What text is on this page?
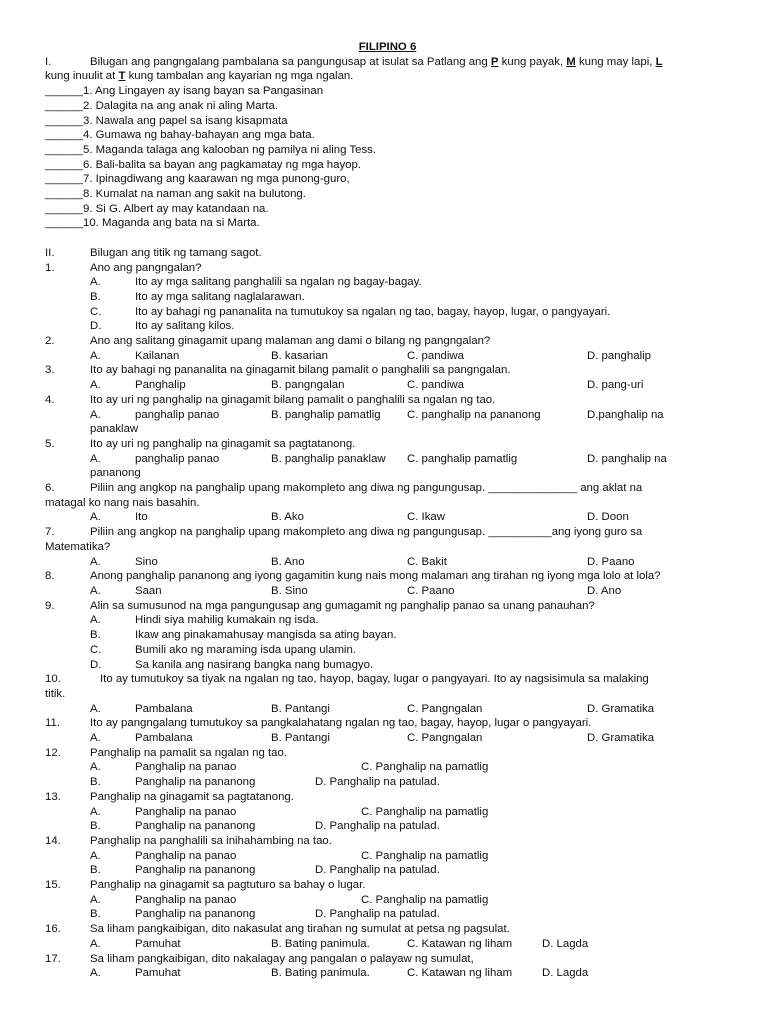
FILIPINO 6
I.	Bilugan ang pangngalang pambalana sa pangungusap at isulat sa Patlang ang P kung payak, M kung may lapi, L
kung inuulit at T kung tambalan ang kayarian ng mga ngalan.
______1. Ang Lingayen ay isang bayan sa Pangasinan
______2. Dalagita na ang anak ni aling Marta.
______3. Nawala ang papel sa isang kisapmata
______4. Gumawa ng bahay-bahayan ang mga bata.
______5. Maganda talaga ang kalooban ng pamilya ni aling Tess.
______6. Bali-balita sa bayan ang pagkamatay ng mga hayop.
______7. Ipinagdiwang ang kaarawan ng mga punong-guro,
______8. Kumalat na naman ang sakit na bulutong.
______9. Si G. Albert ay may katandaan na.
______10. Maganda ang bata na si Marta.
II.	Bilugan ang titik ng tamang sagot.
1.	Ano ang pangngalan?
A.	Ito ay mga salitang panghalili sa ngalan ng bagay-bagay.
B.	Ito ay mga salitang naglalarawan.
C.	Ito ay bahagi ng pananalita na tumutukoy sa ngalan ng tao, bagay, hayop, lugar, o pangyayari.
D.	Ito ay salitang kilos.
2.	Ano ang salitang ginagamit upang malaman ang dami o bilang ng pangngalan?
A.	Kailanan	B. kasarian	C. pandiwa	D. panghalip
3.	Ito ay bahagi ng pananalita na ginagamit bilang pamalit o panghalili sa pangngalan.
A.	Panghalip	B. pangngalan	C. pandiwa	D. pang-uri
4.	Ito ay uri ng panghalip na ginagamit bilang pamalit o panghalili sa ngalan ng tao.
A.	panghalip panao	B. panghalip pamatlig	C. panghalip na pananong	D.panghalip na
panaklaw
5.	Ito ay uri ng panghalip na ginagamit sa pagtatanong.
A.	panghalip panao	B. panghalip panaklaw	C. panghalip pamatlig	D. panghalip na
pananong
6.	Piliin ang angkop na panghalip upang makompleto ang diwa ng pangungusap. ______________ ang aklat na
matagal ko nang nais basahin.
A.	Ito	B. Ako	C. Ikaw	D. Doon
7.	Piliin ang angkop na panghalip upang makompleto ang diwa ng pangungusap. __________ang iyong guro sa
Matematika?
A.	Sino	B. Ano	C. Bakit	D. Paano
8.	Anong panghalip pananong ang iyong gagamitin kung nais mong malaman ang tirahan ng iyong mga lolo at lola?
A.	Saan	B. Sino	C. Paano	D. Ano
9.	Alin sa sumusunod na mga pangungusap ang gumagamit ng panghalip panao sa unang panauhan?
A.	Hindi siya mahilig kumakain ng isda.
B.	Ikaw ang pinakamahusay mangisda sa ating bayan.
C.	Bumili ako ng maraming isda upang ulamin.
D.	Sa kanila ang nasirang bangka nang bumagyo.
10.	Ito ay tumutukoy sa tiyak na ngalan ng tao, hayop, bagay, lugar o pangyayari. Ito ay nagsisimula sa malaking
titik.
A.	Pambalana	B. Pantangi	C. Pangngalan	D. Gramatika
11.	Ito ay pangngalang tumutukoy sa pangkalahatang ngalan ng tao, bagay, hayop, lugar o pangyayari.
A.	Pambalana	B. Pantangi	C. Pangngalan	D. Gramatika
12.	Panghalip na pamalit sa ngalan ng tao.
A.	Panghalip na panao	C. Panghalip na pamatlig
B.	Panghalip na pananong	D. Panghalip na patulad.
13.	Panghalip na ginagamit sa pagtatanong.
A.	Panghalip na panao	C. Panghalip na pamatlig
B.	Panghalip na pananong	D. Panghalip na patulad.
14.	Panghalip na panghalili sa inihahambing na tao.
A.	Panghalip na panao	C. Panghalip na pamatlig
B.	Panghalip na pananong	D. Panghalip na patulad.
15.	Panghalip na ginagamit sa pagtuturo sa bahay o lugar.
A.	Panghalip na panao	C. Panghalip na pamatlig
B.	Panghalip na pananong	D. Panghalip na patulad.
16.	Sa liham pangkaibigan, dito nakasulat ang tirahan ng sumulat at petsa ng pagsulat.
A.	Pamuhat	B. Bating panimula.	C. Katawan ng liham	D. Lagda
17.	Sa liham pangkaibigan, dito nakalagay ang pangalan o palayaw ng sumulat,
A.	Pamuhat	B. Bating panimula.	C. Katawan ng liham	D. Lagda
